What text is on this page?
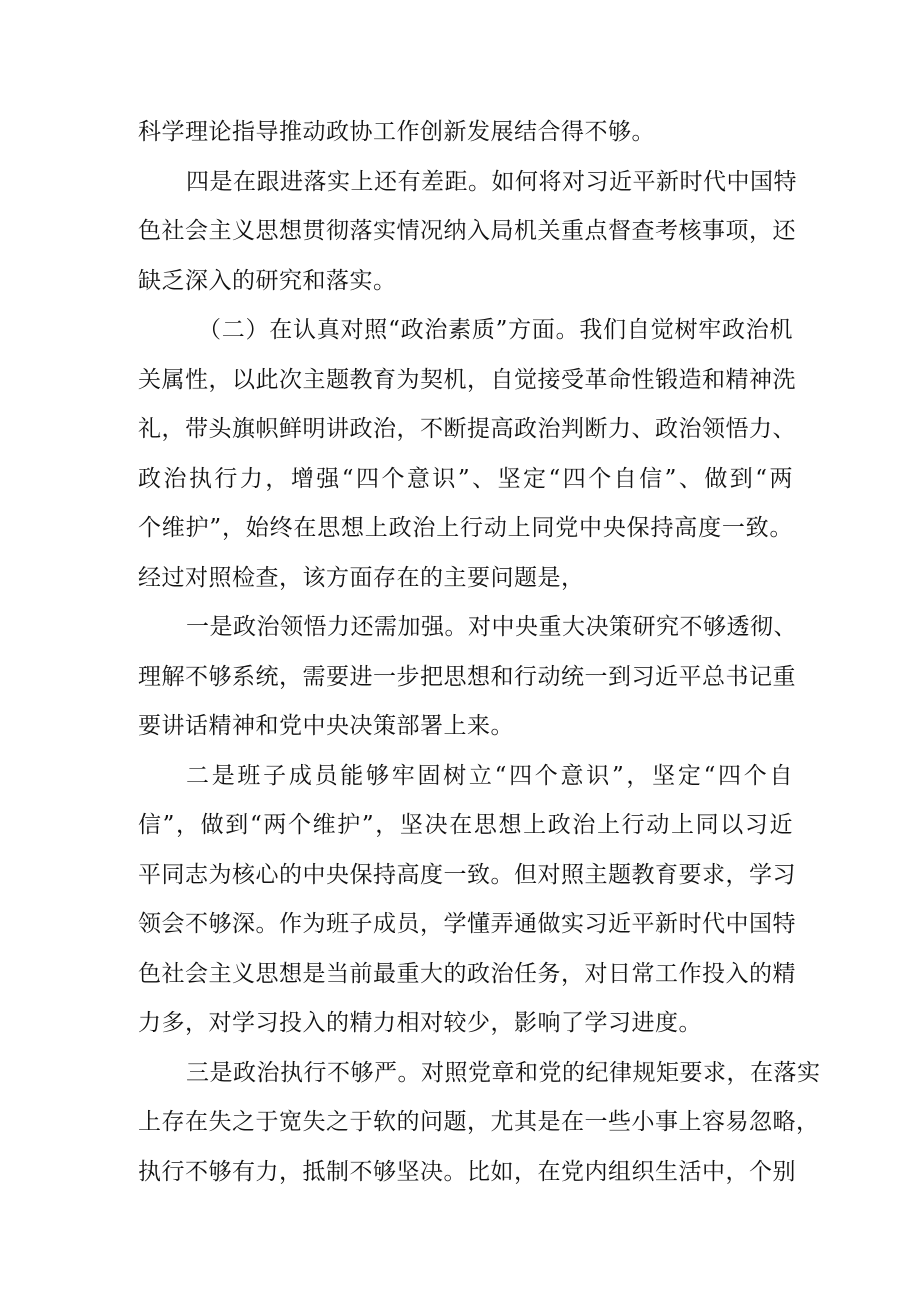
科学理论指导推动政协工作创新发展结合得不够。
四是在跟进落实上还有差距。如何将对习近平新时代中国特
色社会主义思想贯彻落实情况纳入局机关重点督查考核事项，还
缺乏深入的研究和落实。
（二）在认真对照“政治素质”方面。我们自觉树牢政治机
关属性，以此次主题教育为契机，自觉接受革命性锻造和精神洗
礼，带头旗帜鲜明讲政治，不断提高政治判断力、政治领悟力、
政治执行力，增强“四个意识”、坚定“四个自信”、做到“两
个维护”，始终在思想上政治上行动上同党中央保持高度一致。
经过对照检查，该方面存在的主要问题是，
一是政治领悟力还需加强。对中央重大决策研究不够透彻、
理解不够系统，需要进一步把思想和行动统一到习近平总书记重
要讲话精神和党中央决策部署上来。
二是班子成员能够牢固树立“四个意识”，坚定“四个自
信”，做到“两个维护”，坚决在思想上政治上行动上同以习近
平同志为核心的中央保持高度一致。但对照主题教育要求，学习
领会不够深。作为班子成员，学懂弄通做实习近平新时代中国特
色社会主义思想是当前最重大的政治任务，对日常工作投入的精
力多，对学习投入的精力相对较少，影响了学习进度。
三是政治执行不够严。对照党章和党的纪律规矩要求，在落实
上存在失之于宽失之于软的问题，尤其是在一些小事上容易忽略，
执行不够有力，抵制不够坚决。比如，在党内组织生活中，个别
